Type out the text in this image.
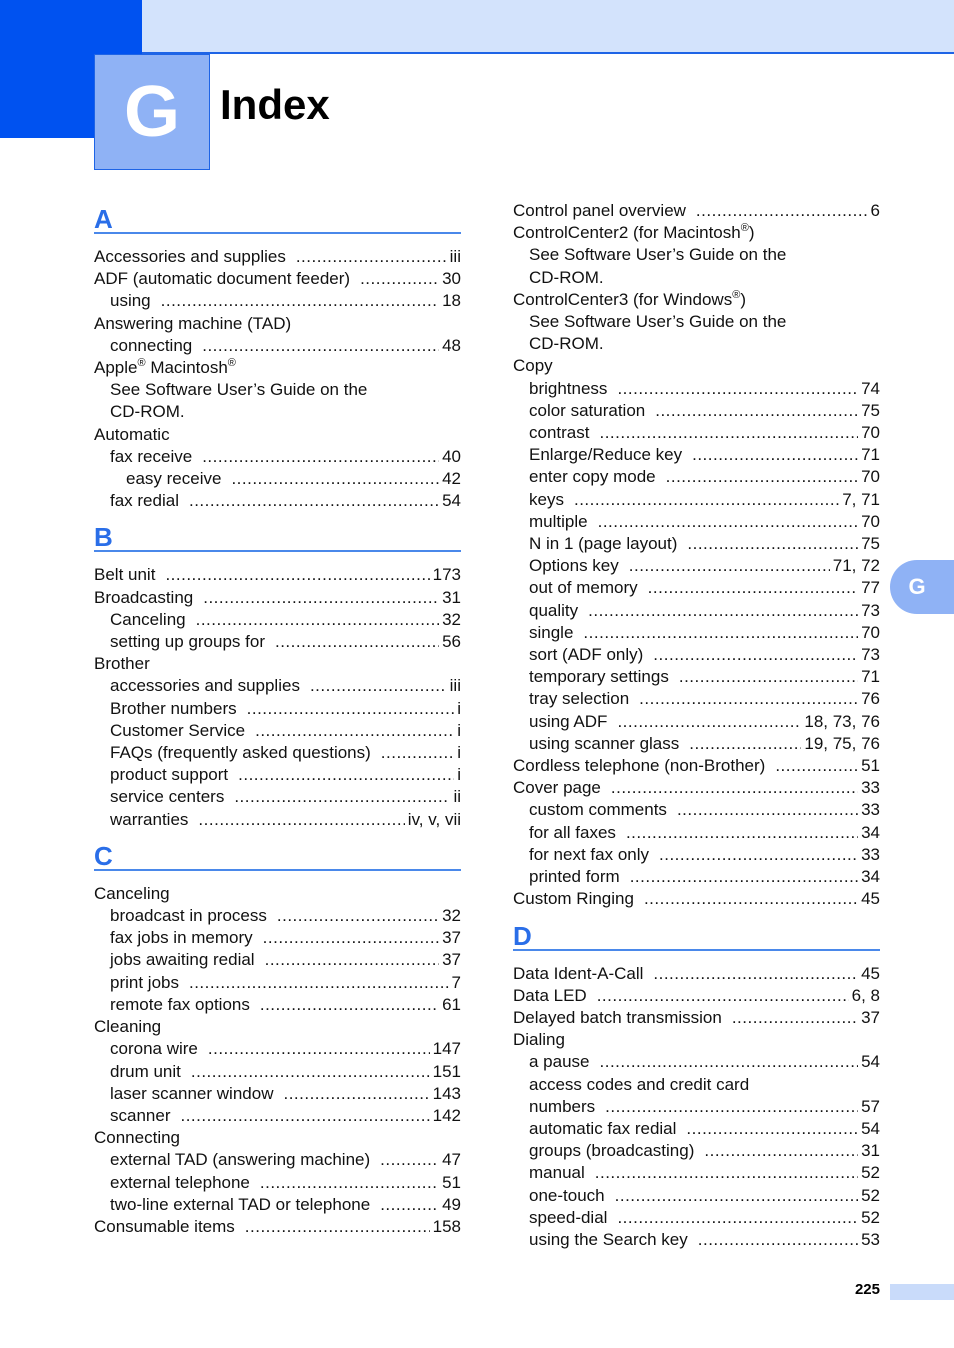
G Index
A
Accessories and supplies .....	iii
ADF (automatic document feeder) .....	30
using .....	18
Answering machine (TAD)
connecting .....	48
Apple® Macintosh®
See Software User’s Guide on the
CD-ROM.
Automatic
fax receive .....	40
easy receive .....	42
fax redial .....	54
B
Belt unit .....	173
Broadcasting .....	31
Canceling .....	32
setting up groups for .....	56
Brother
accessories and supplies .....	iii
Brother numbers .....	i
Customer Service .....	i
FAQs (frequently asked questions) .....	i
product support .....	i
service centers .....	ii
warranties .....	iv, v, vii
C
Canceling
broadcast in process .....	32
fax jobs in memory .....	37
jobs awaiting redial .....	37
print jobs .....	7
remote fax options .....	61
Cleaning
corona wire .....	147
drum unit .....	151
laser scanner window .....	143
scanner .....	142
Connecting
external TAD (answering machine) .....	47
external telephone .....	51
two-line external TAD or telephone .....	49
Consumable items .....	158
Control panel overview .....	6
ControlCenter2 (for Macintosh®)
See Software User’s Guide on the
CD-ROM.
ControlCenter3 (for Windows®)
See Software User’s Guide on the
CD-ROM.
Copy
brightness .....	74
color saturation .....	75
contrast .....	70
Enlarge/Reduce key .....	71
enter copy mode .....	70
keys .....	7, 71
multiple .....	70
N in 1 (page layout) .....	75
Options key .....	71, 72
out of memory .....	77
quality .....	73
single .....	70
sort (ADF only) .....	73
temporary settings .....	71
tray selection .....	76
using ADF .....	18, 73, 76
using scanner glass .....	19, 75, 76
Cordless telephone (non-Brother) .....	51
Cover page .....	33
custom comments .....	33
for all faxes .....	34
for next fax only .....	33
printed form .....	34
Custom Ringing .....	45
D
Data Ident-A-Call .....	45
Data LED .....	6, 8
Delayed batch transmission .....	37
Dialing
a pause .....	54
access codes and credit card
numbers .....	57
automatic fax redial .....	54
groups (broadcasting) .....	31
manual .....	52
one-touch .....	52
speed-dial .....	52
using the Search key .....	53
G
225
